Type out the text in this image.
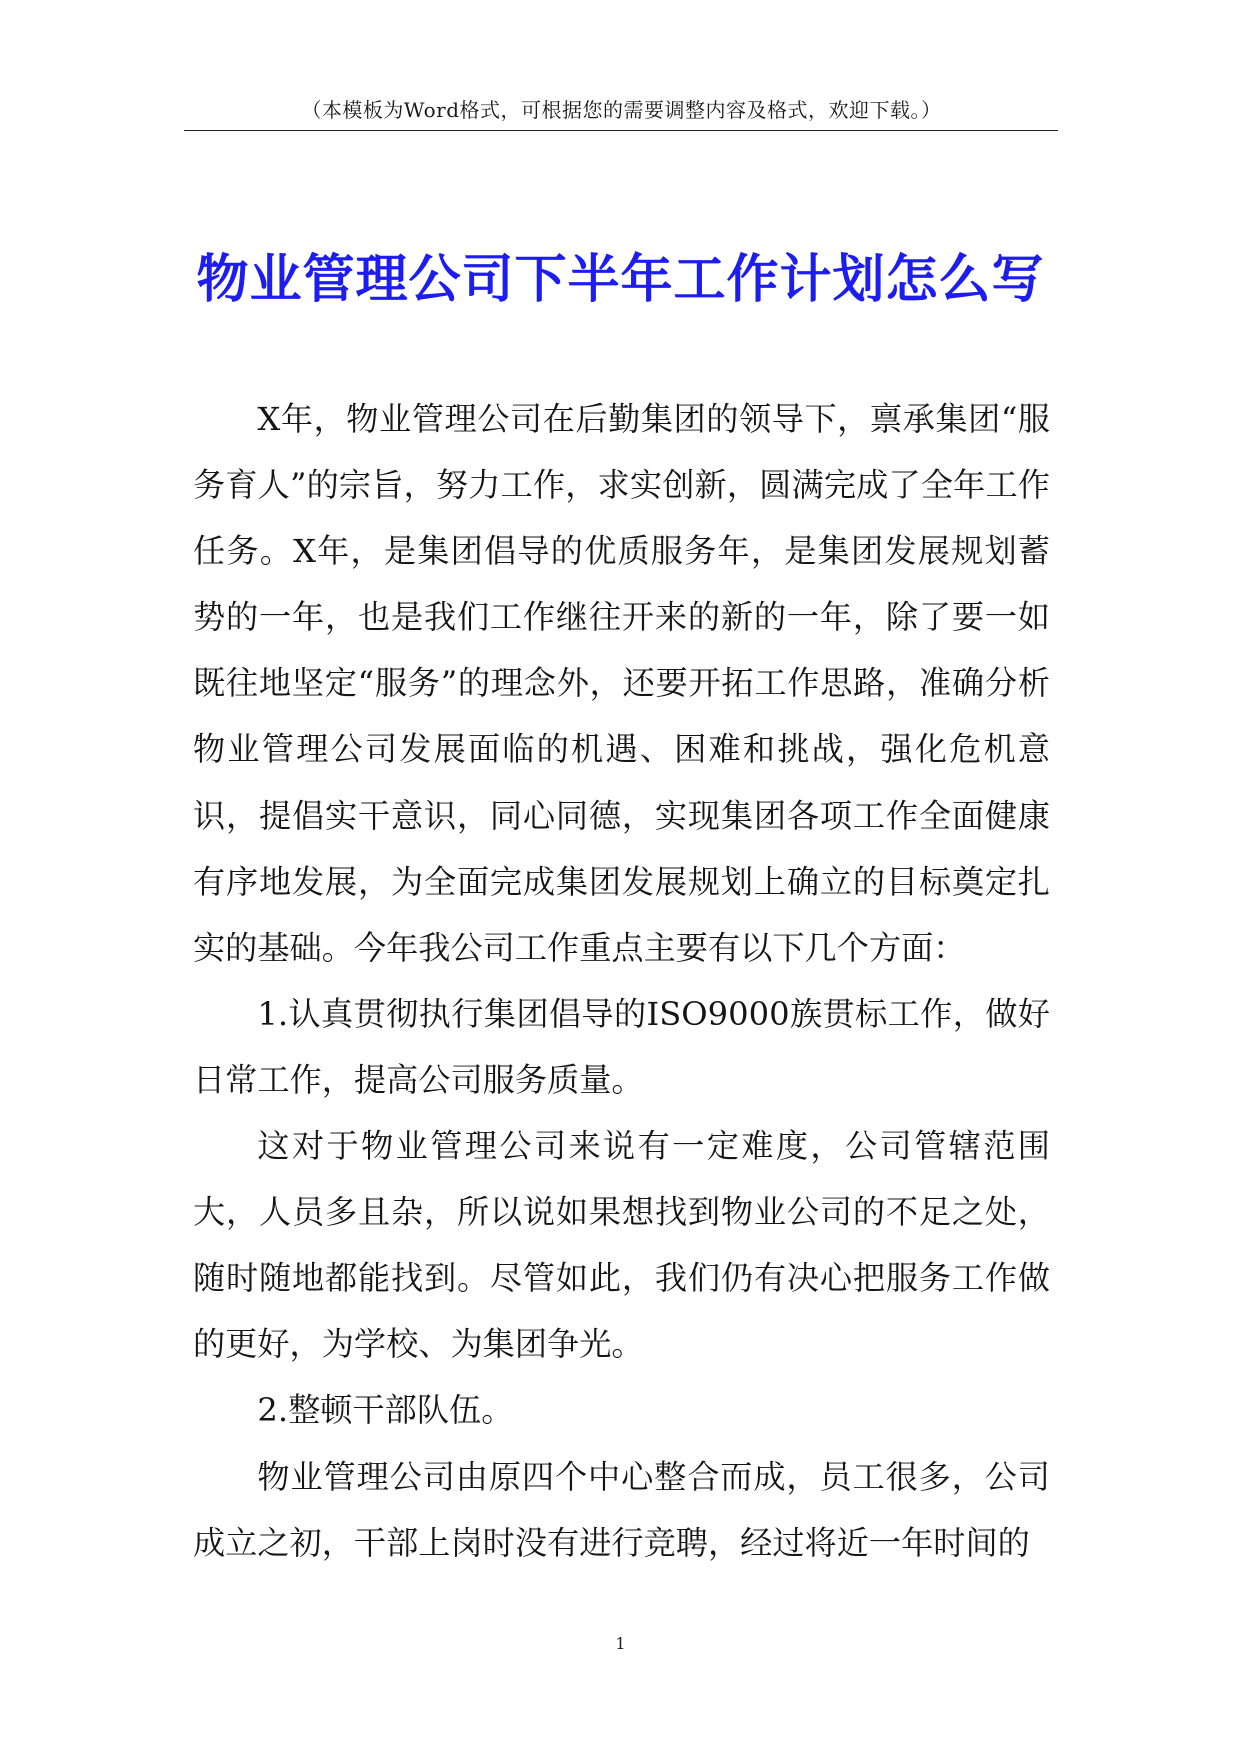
（本模板为Word格式，可根据您的需要调整内容及格式，欢迎下载。）
物业管理公司下半年工作计划怎么写

X年，物业管理公司在后勤集团的领导下，禀承集团“服务育人”的宗旨，努力工作，求实创新，圆满完成了全年工作任务。X年，是集团倡导的优质服务年，是集团发展规划蓄势的一年，也是我们工作继往开来的新的一年，除了要一如既往地坚定“服务”的理念外，还要开拓工作思路，准确分析物业管理公司发展面临的机遇、困难和挑战，强化危机意识，提倡实干意识，同心同德，实现集团各项工作全面健康有序地发展，为全面完成集团发展规划上确立的目标奠定扎实的基础。今年我公司工作重点主要有以下几个方面：

1.认真贯彻执行集团倡导的ISO9000族贯标工作，做好日常工作，提高公司服务质量。

这对于物业管理公司来说有一定难度，公司管辖范围大，人员多且杂，所以说如果想找到物业公司的不足之处，随时随地都能找到。尽管如此，我们仍有决心把服务工作做的更好，为学校、为集团争光。

2.整顿干部队伍。

物业管理公司由原四个中心整合而成，员工很多，公司成立之初，干部上岗时没有进行竞聘，经过将近一年时间的

1
